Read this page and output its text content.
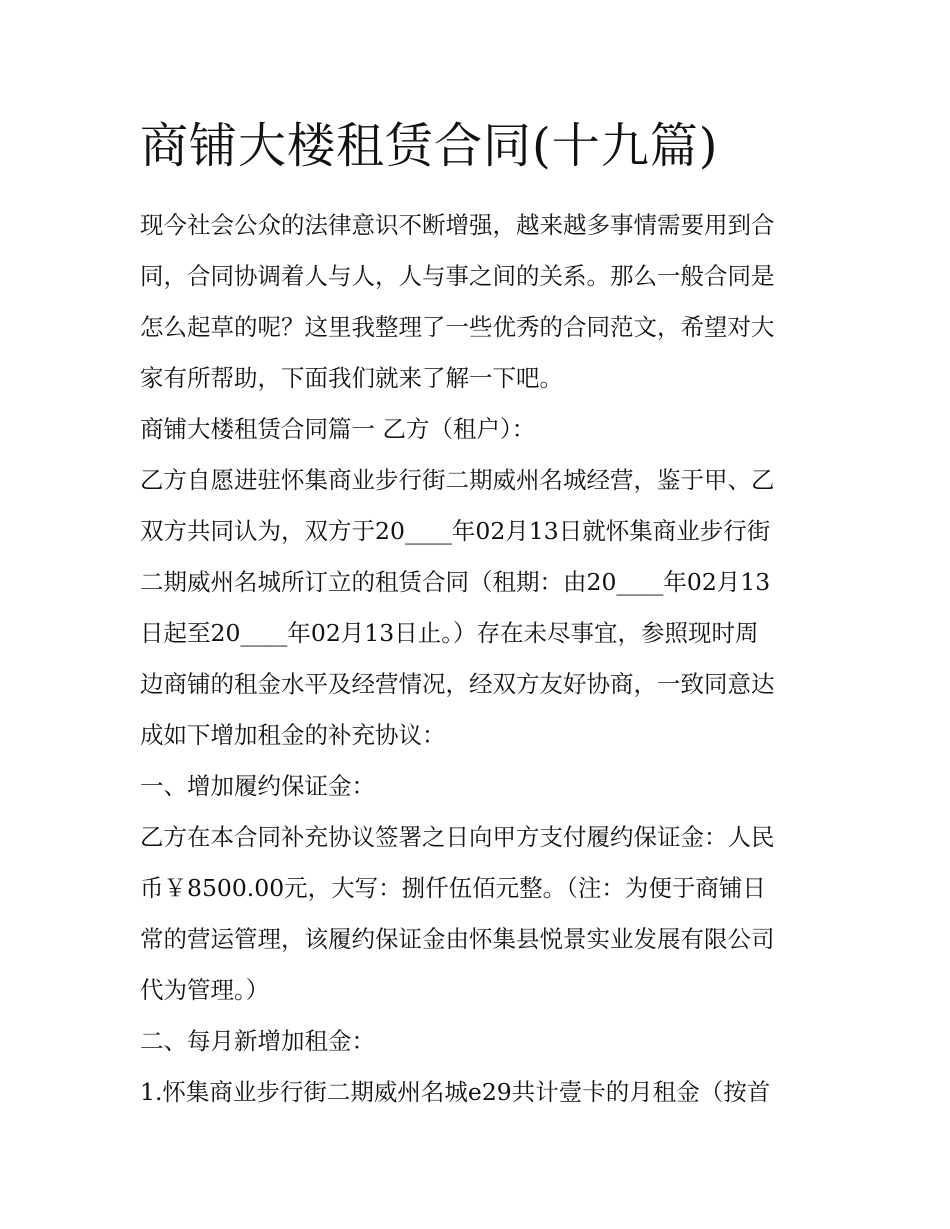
商铺大楼租赁合同(十九篇)
现今社会公众的法律意识不断增强，越来越多事情需要用到合
同，合同协调着人与人，人与事之间的关系。那么一般合同是
怎么起草的呢？这里我整理了一些优秀的合同范文，希望对大
家有所帮助，下面我们就来了解一下吧。
商铺大楼租赁合同篇一 乙方（租户）：
乙方自愿进驻怀集商业步行街二期威州名城经营，鉴于甲、乙
双方共同认为，双方于20____年02月13日就怀集商业步行街
二期威州名城所订立的租赁合同（租期：由20____年02月13
日起至20____年02月13日止。）存在未尽事宜，参照现时周
边商铺的租金水平及经营情况，经双方友好协商，一致同意达
成如下增加租金的补充协议：
一、增加履约保证金：
乙方在本合同补充协议签署之日向甲方支付履约保证金：人民
币￥8500.00元，大写：捌仟伍佰元整。（注：为便于商铺日
常的营运管理，该履约保证金由怀集县悦景实业发展有限公司
代为管理。）
二、每月新增加租金：
1.怀集商业步行街二期威州名城e29共计壹卡的月租金（按首
